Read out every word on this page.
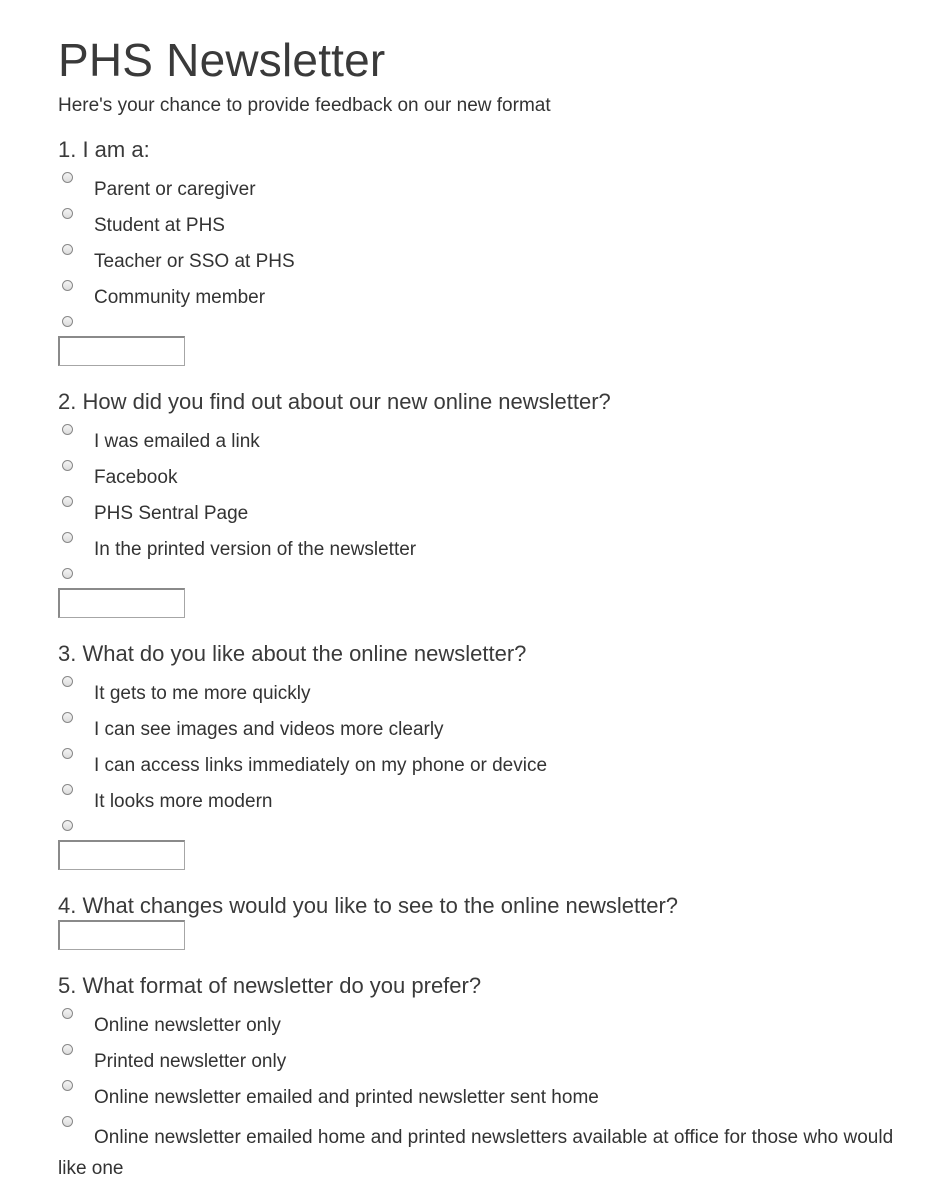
PHS Newsletter

Here's your chance to provide feedback on our new format

1. I am a:
Parent or caregiver
Student at PHS
Teacher or SSO at PHS
Community member
2. How did you find out about our new online newsletter?
I was emailed a link
Facebook
PHS Sentral Page
In the printed version of the newsletter
3. What do you like about the online newsletter?
It gets to me more quickly
I can see images and videos more clearly
I can access links immediately on my phone or device
It looks more modern
4. What changes would you like to see to the online newsletter?
5. What format of newsletter do you prefer?
Online newsletter only
Printed newsletter only
Online newsletter emailed and printed newsletter sent home
Online newsletter emailed home and printed newsletters available at office for those who would like one
